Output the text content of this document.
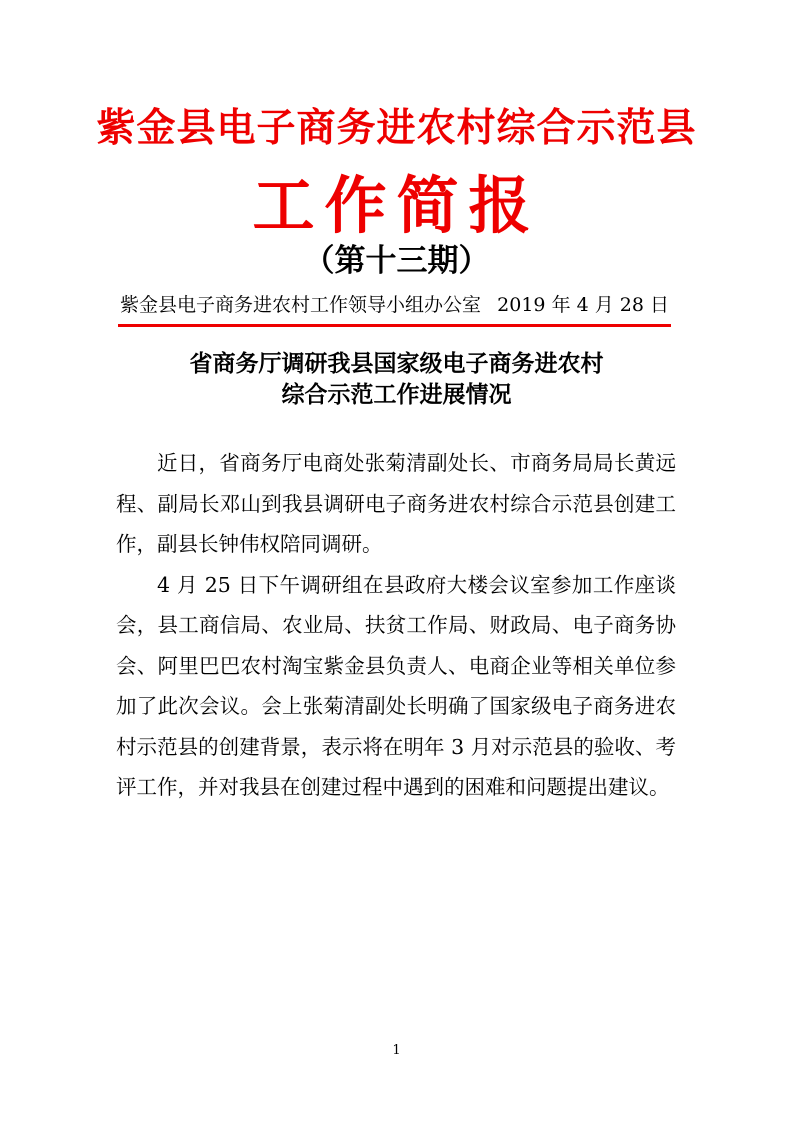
紫金县电子商务进农村综合示范县
工作简报
（第十三期）
紫金县电子商务进农村工作领导小组办公室 2019 年 4 月 28 日
省商务厅调研我县国家级电子商务进农村
综合示范工作进展情况

近日，省商务厅电商处张菊清副处长、市商务局局长黄远程、副局长邓山到我县调研电子商务进农村综合示范县创建工作，副县长钟伟权陪同调研。

4 月 25 日下午调研组在县政府大楼会议室参加工作座谈会，县工商信局、农业局、扶贫工作局、财政局、电子商务协会、阿里巴巴农村淘宝紫金县负责人、电商企业等相关单位参加了此次会议。会上张菊清副处长明确了国家级电子商务进农村示范县的创建背景，表示将在明年 3 月对示范县的验收、考评工作，并对我县在创建过程中遇到的困难和问题提出建议。

1
